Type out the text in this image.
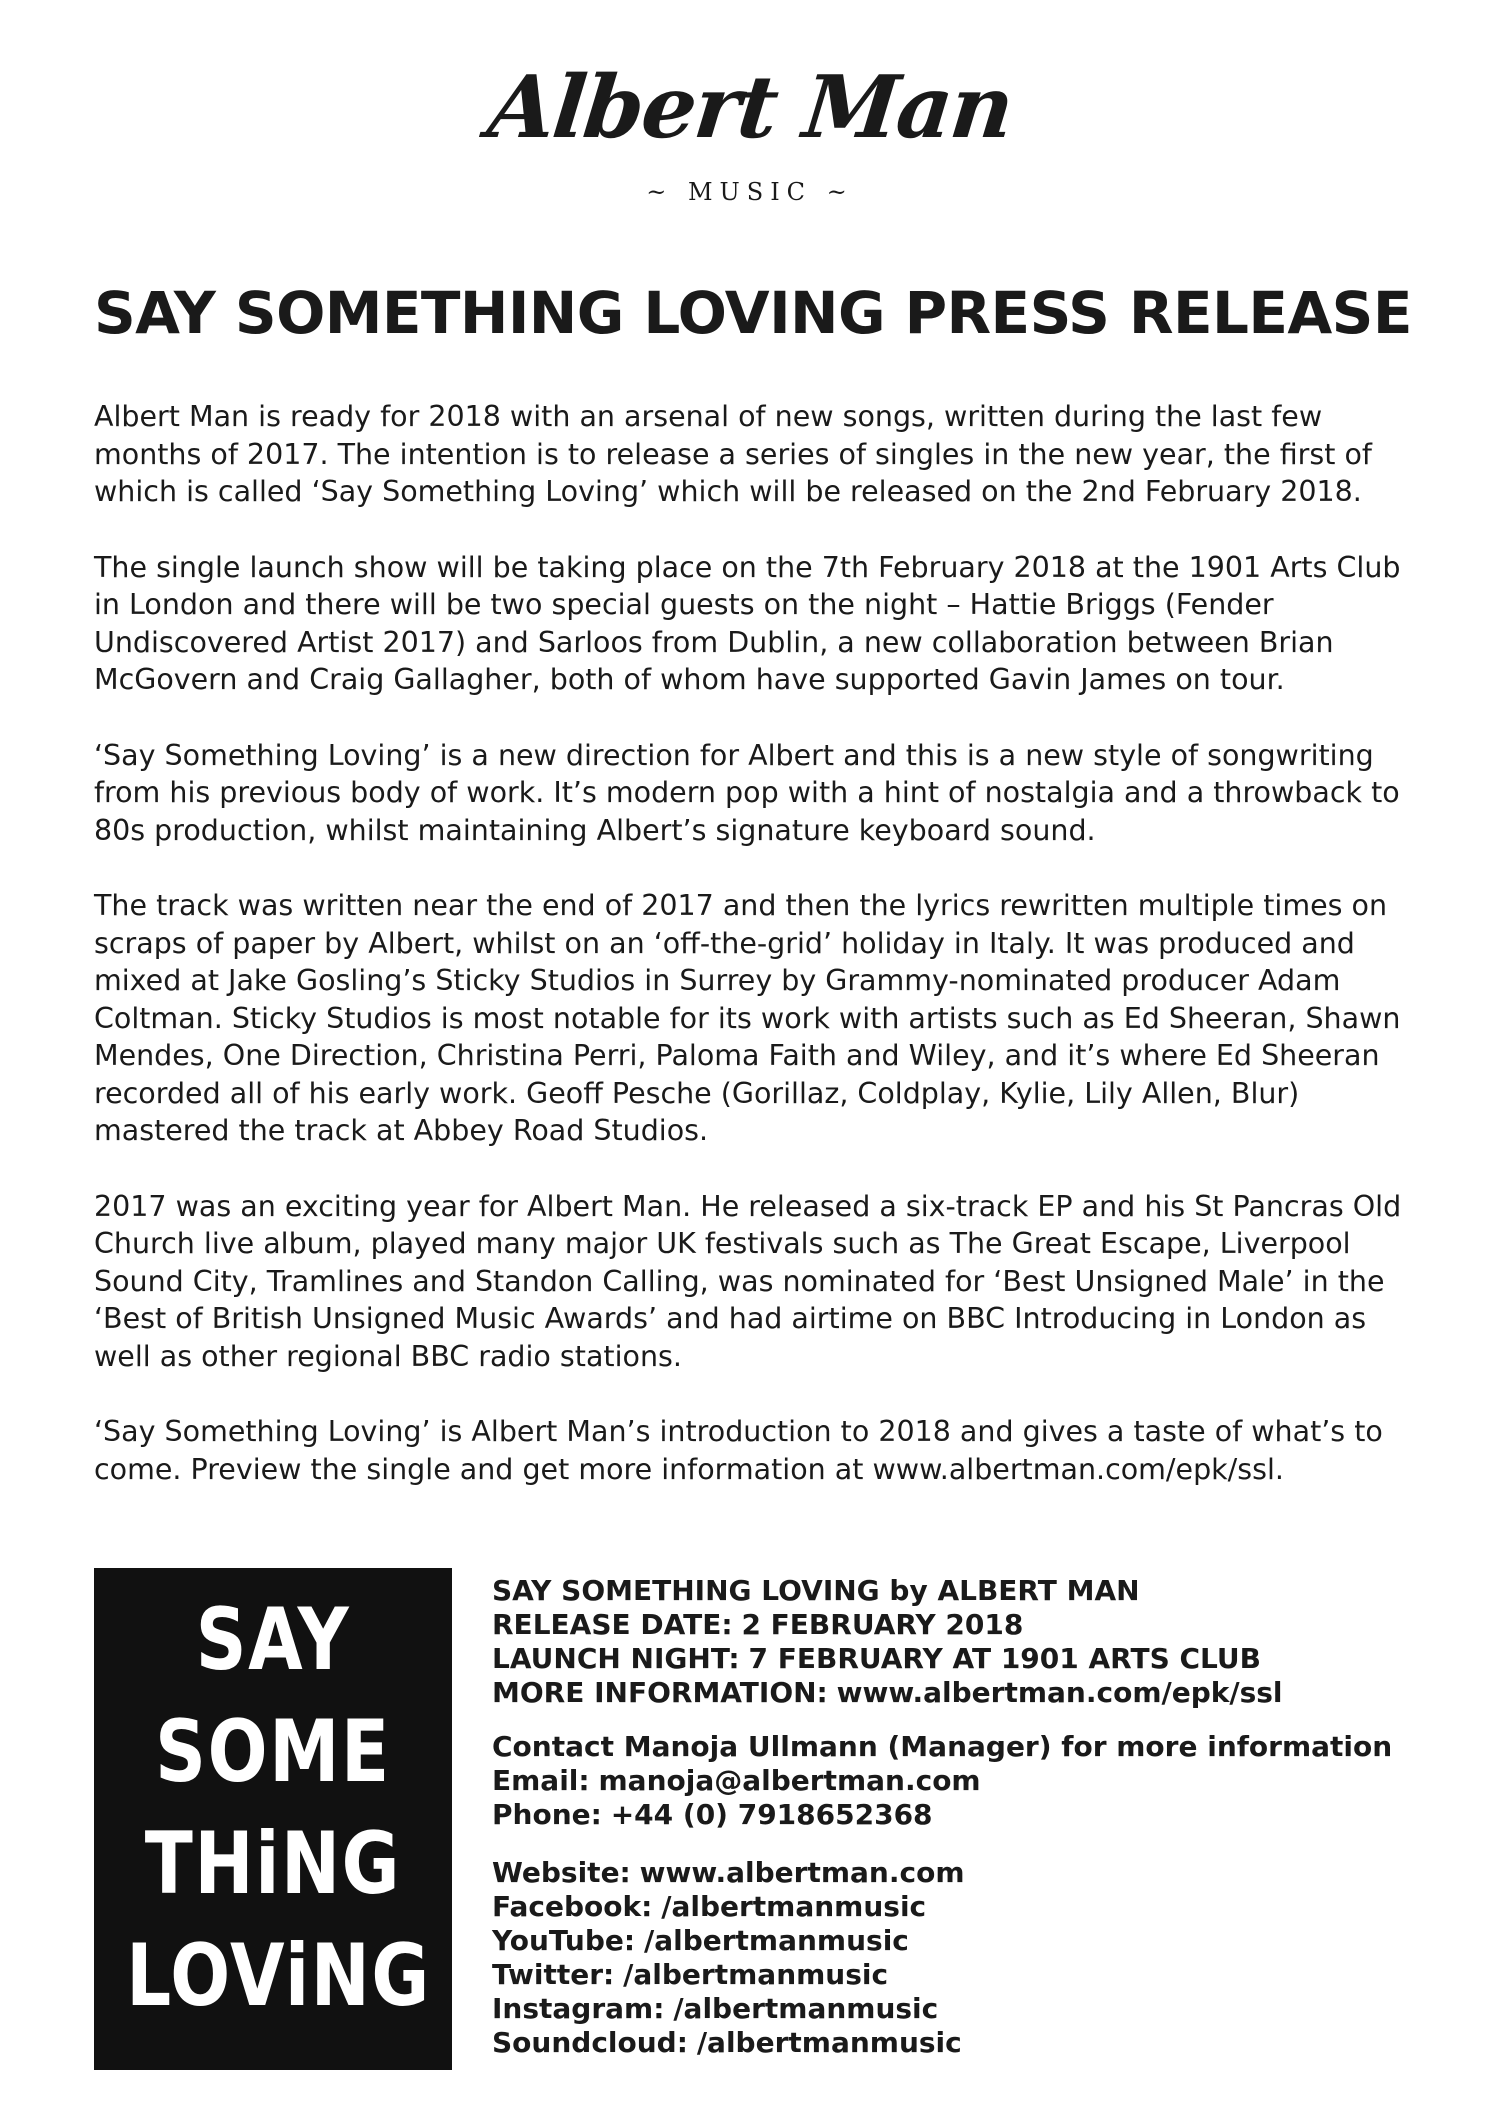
Albert Man
~ MUSIC ~
SAY SOMETHING LOVING PRESS RELEASE

Albert Man is ready for 2018 with an arsenal of new songs, written during the last few months of 2017. The intention is to release a series of singles in the new year, the first of which is called ‘Say Something Loving’ which will be released on the 2nd February 2018.

The single launch show will be taking place on the 7th February 2018 at the 1901 Arts Club in London and there will be two special guests on the night – Hattie Briggs (Fender Undiscovered Artist 2017) and Sarloos from Dublin, a new collaboration between Brian McGovern and Craig Gallagher, both of whom have supported Gavin James on tour.

‘Say Something Loving’ is a new direction for Albert and this is a new style of songwriting from his previous body of work. It’s modern pop with a hint of nostalgia and a throwback to 80s production, whilst maintaining Albert’s signature keyboard sound.

The track was written near the end of 2017 and then the lyrics rewritten multiple times on scraps of paper by Albert, whilst on an ‘off-the-grid’ holiday in Italy. It was produced and mixed at Jake Gosling’s Sticky Studios in Surrey by Grammy-nominated producer Adam Coltman. Sticky Studios is most notable for its work with artists such as Ed Sheeran, Shawn Mendes, One Direction, Christina Perri, Paloma Faith and Wiley, and it’s where Ed Sheeran recorded all of his early work. Geoff Pesche (Gorillaz, Coldplay, Kylie, Lily Allen, Blur) mastered the track at Abbey Road Studios.

2017 was an exciting year for Albert Man. He released a six-track EP and his St Pancras Old Church live album, played many major UK festivals such as The Great Escape, Liverpool Sound City, Tramlines and Standon Calling, was nominated for ‘Best Unsigned Male’ in the ‘Best of British Unsigned Music Awards’ and had airtime on BBC Introducing in London as well as other regional BBC radio stations.

‘Say Something Loving’ is Albert Man’s introduction to 2018 and gives a taste of what’s to come. Preview the single and get more information at www.albertman.com/epk/ssl.

SAY
SOME
THiNG
LOViNG
SAY SOMETHING LOVING by ALBERT MAN
RELEASE DATE: 2 FEBRUARY 2018
LAUNCH NIGHT: 7 FEBRUARY AT 1901 ARTS CLUB
MORE INFORMATION: www.albertman.com/epk/ssl
Contact Manoja Ullmann (Manager) for more information
Email: manoja@albertman.com
Phone: +44 (0) 7918652368
Website: www.albertman.com
Facebook: /albertmanmusic
YouTube: /albertmanmusic
Twitter: /albertmanmusic
Instagram: /albertmanmusic
Soundcloud: /albertmanmusic
